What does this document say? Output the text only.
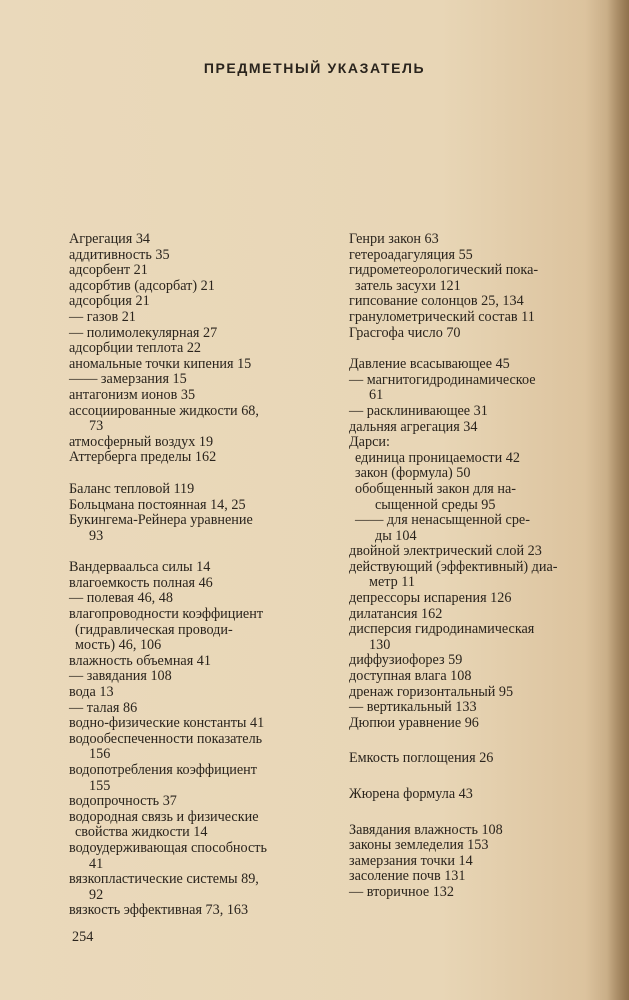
ПРЕДМЕТНЫЙ УКАЗАТЕЛЬ
Агрегация 34
аддитивность 35
адсорбент 21
адсорбтив (адсорбат) 21
адсорбция 21
— газов 21
— полимолекулярная 27
адсорбции теплота 22
аномальные точки кипения 15
—— замерзания 15
антагонизм ионов 35
ассоциированные жидкости 68,
73
атмосферный воздух 19
Аттерберга пределы 162
Баланс тепловой 119
Больцмана постоянная 14, 25
Букингема-Рейнера уравнение
93
Вандерваальса силы 14
влагоемкость полная 46
— полевая 46, 48
влагопроводности коэффициент
(гидравлическая проводи-
мость) 46, 106
влажность объемная 41
— завядания 108
вода 13
— талая 86
водно-физические константы 41
водообеспеченности показатель
156
водопотребления коэффициент
155
водопрочность 37
водородная связь и физические
свойства жидкости 14
водоудерживающая способность
41
вязкопластические системы 89,
92
вязкость эффективная 73, 163
Генри закон 63
гетероадагуляция 55
гидрометеорологический пока-
затель засухи 121
гипсование солонцов 25, 134
гранулометрический состав 11
Грасгофа число 70
Давление всасывающее 45
— магнитогидродинамическое
61
— расклинивающее 31
дальняя агрегация 34
Дарси:
единица проницаемости 42
закон (формула) 50
обобщенный закон для на-
сыщенной среды 95
—— для ненасыщенной сре-
ды 104
двойной электрический слой 23
действующий (эффективный) диа-
метр 11
депрессоры испарения 126
дилатансия 162
дисперсия гидродинамическая
130
диффузиофорез 59
доступная влага 108
дренаж горизонтальный 95
— вертикальный 133
Дюпюи уравнение 96
Емкость поглощения 26
Жюрена формула 43
Завядания влажность 108
законы земледелия 153
замерзания точки 14
засоление почв 131
— вторичное 132
254
